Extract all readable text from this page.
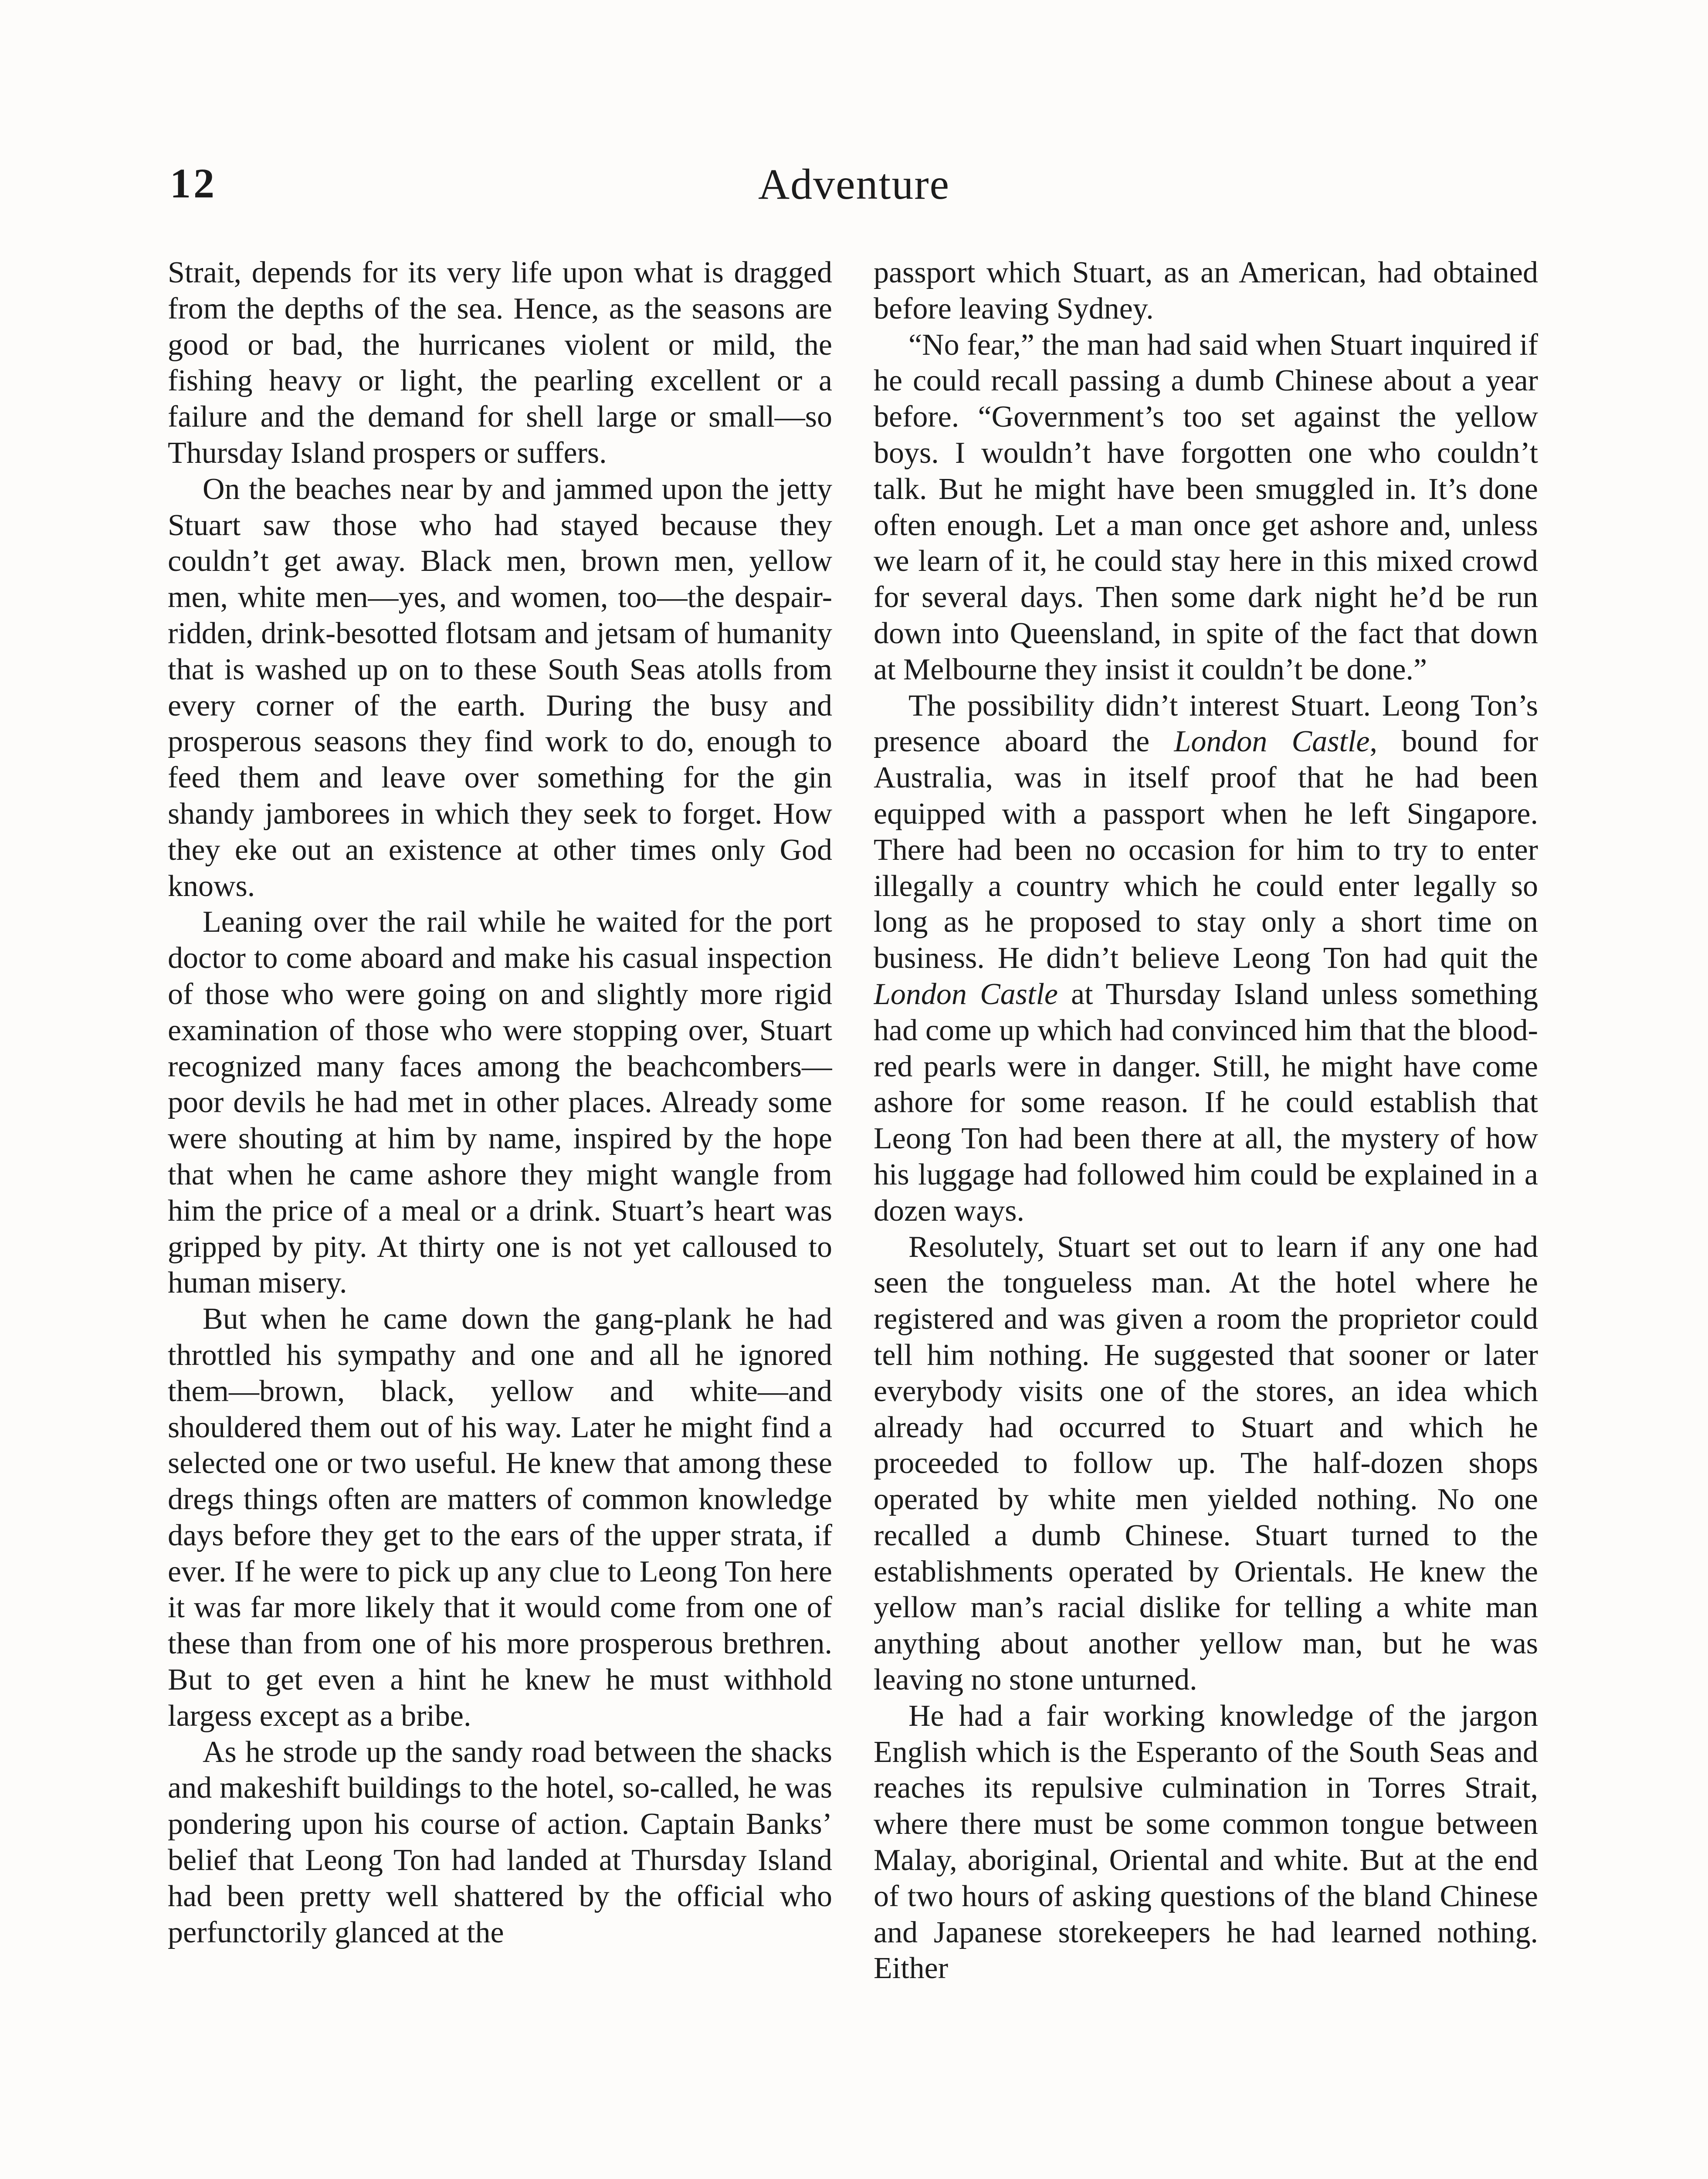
12	Adventure

Strait, depends for its very life upon what is dragged from the depths of the sea. Hence, as the seasons are good or bad, the hurricanes violent or mild, the fishing heavy or light, the pearling excellent or a failure and the demand for shell large or small—so Thursday Island prospers or suffers.

On the beaches near by and jammed upon the jetty Stuart saw those who had stayed because they couldn’t get away. Black men, brown men, yellow men, white men—yes, and women, too—the despair-ridden, drink-besotted flotsam and jetsam of humanity that is washed up on to these South Seas atolls from every corner of the earth. During the busy and prosperous seasons they find work to do, enough to feed them and leave over something for the gin shandy jamborees in which they seek to forget. How they eke out an existence at other times only God knows.

Leaning over the rail while he waited for the port doctor to come aboard and make his casual inspection of those who were going on and slightly more rigid examination of those who were stopping over, Stuart recognized many faces among the beachcombers—poor devils he had met in other places. Already some were shouting at him by name, inspired by the hope that when he came ashore they might wangle from him the price of a meal or a drink. Stuart’s heart was gripped by pity. At thirty one is not yet calloused to human misery.

But when he came down the gang-plank he had throttled his sympathy and one and all he ignored them—brown, black, yellow and white—and shouldered them out of his way. Later he might find a selected one or two useful. He knew that among these dregs things often are matters of common knowledge days before they get to the ears of the upper strata, if ever. If he were to pick up any clue to Leong Ton here it was far more likely that it would come from one of these than from one of his more prosperous brethren. But to get even a hint he knew he must withhold largess except as a bribe.

As he strode up the sandy road between the shacks and makeshift buildings to the hotel, so-called, he was pondering upon his course of action. Captain Banks’ belief that Leong Ton had landed at Thursday Island had been pretty well shattered by the official who perfunctorily glanced at the

passport which Stuart, as an American, had obtained before leaving Sydney.

“No fear,” the man had said when Stuart inquired if he could recall passing a dumb Chinese about a year before. “Government’s too set against the yellow boys. I wouldn’t have forgotten one who couldn’t talk. But he might have been smuggled in. It’s done often enough. Let a man once get ashore and, unless we learn of it, he could stay here in this mixed crowd for several days. Then some dark night he’d be run down into Queensland, in spite of the fact that down at Melbourne they insist it couldn’t be done.”

The possibility didn’t interest Stuart. Leong Ton’s presence aboard the London Castle, bound for Australia, was in itself proof that he had been equipped with a passport when he left Singapore. There had been no occasion for him to try to enter illegally a country which he could enter legally so long as he proposed to stay only a short time on business. He didn’t believe Leong Ton had quit the London Castle at Thursday Island unless something had come up which had convinced him that the blood-red pearls were in danger. Still, he might have come ashore for some reason. If he could establish that Leong Ton had been there at all, the mystery of how his luggage had followed him could be explained in a dozen ways.

Resolutely, Stuart set out to learn if any one had seen the tongueless man. At the hotel where he registered and was given a room the proprietor could tell him nothing. He suggested that sooner or later everybody visits one of the stores, an idea which already had occurred to Stuart and which he proceeded to follow up. The half-dozen shops operated by white men yielded nothing. No one recalled a dumb Chinese. Stuart turned to the establishments operated by Orientals. He knew the yellow man’s racial dislike for telling a white man anything about another yellow man, but he was leaving no stone unturned.

He had a fair working knowledge of the jargon English which is the Esperanto of the South Seas and reaches its repulsive culmination in Torres Strait, where there must be some common tongue between Malay, aboriginal, Oriental and white. But at the end of two hours of asking questions of the bland Chinese and Japanese storekeepers he had learned nothing. Either
